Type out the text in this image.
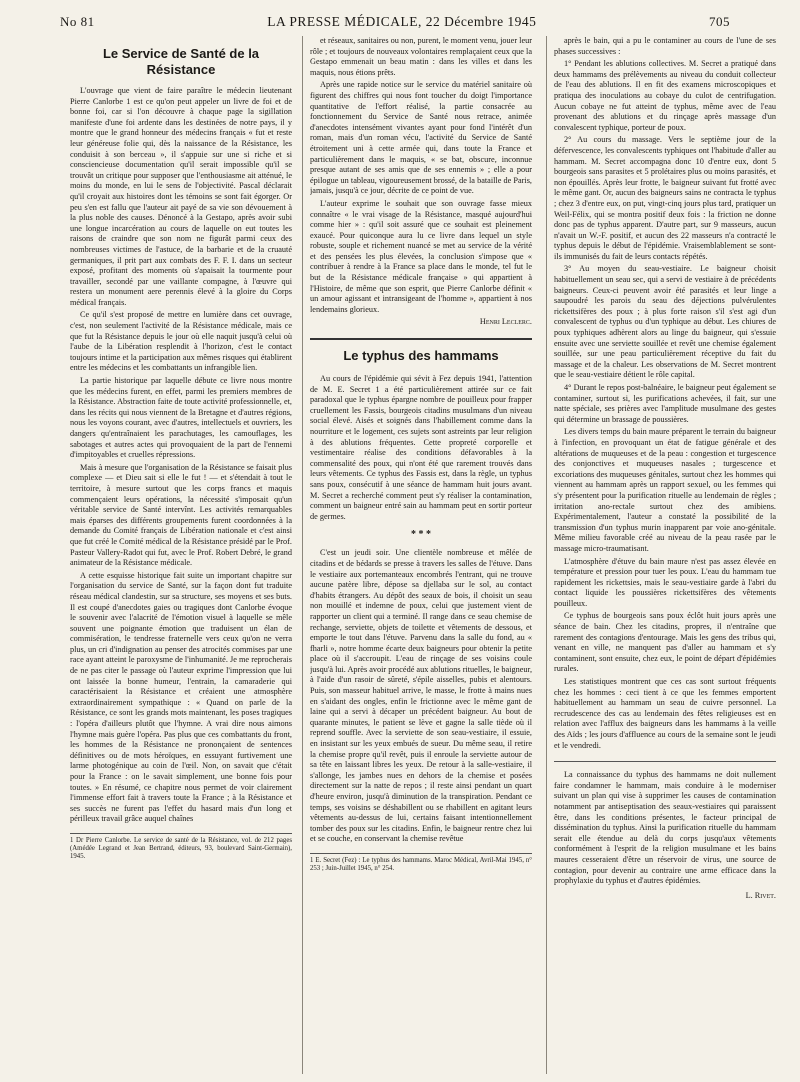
No 81	LA PRESSE MÉDICALE, 22 Décembre 1945	705
Le Service de Santé de la Résistance

L'ouvrage que vient de faire paraître le médecin lieutenant Pierre Canlorbe 1 est ce qu'on peut appeler un livre de foi et de bonne foi, car si l'on découvre à chaque page la sigillation manifeste d'une foi ardente dans les destinées de notre pays, il y montre que le grand honneur des médecins français « fut et reste leur généreuse folie qui, dès la naissance de la Résistance, les conduisit à son berceau », il s'appuie sur une si riche et si consciencieuse documentation qu'il serait impossible qu'il se trouvât un critique pour supposer que l'enthousiasme ait atténué, le moins du monde, en lui le sens de l'objectivité. Pascal déclarait qu'il croyait aux histoires dont les témoins se sont fait égorger. Or peu s'en est fallu que l'auteur ait payé de sa vie son dévouement à la plus noble des causes. Dénoncé à la Gestapo, après avoir subi une longue incarcération au cours de laquelle on eut toutes les raisons de craindre que son nom ne figurât parmi ceux des nombreuses victimes de l'astuce, de la barbarie et de la cruauté germaniques, il prit part aux combats des F. F. I. dans un secteur exposé, profitant des moments où s'apaisait la tourmente pour travailler, secondé par une vaillante compagne, à l'œuvre qui restera un monument aere perennis élevé à la gloire du Corps médical français.

Ce qu'il s'est proposé de mettre en lumière dans cet ouvrage, c'est, non seulement l'activité de la Résistance médicale, mais ce que fut la Résistance depuis le jour où elle naquit jusqu'à celui où l'aube de la Libération resplendit à l'horizon, c'est le contact toujours intime et la participation aux mêmes risques qui établirent entre les médecins et les combattants un infrangible lien.

La partie historique par laquelle débute ce livre nous montre que les médecins furent, en effet, parmi les premiers membres de la Résistance. Abstraction faite de toute activité professionnelle, et, dans les récits qui nous viennent de la Bretagne et d'autres régions, nous les voyons courant, avec d'autres, intellectuels et ouvriers, les dangers qu'entraînaient les parachutages, les camouflages, les sabotages et autres actes qui provoquaient de la part de l'ennemi d'impitoyables et cruelles répressions.

Mais à mesure que l'organisation de la Résistance se faisait plus complexe — et Dieu sait si elle le fut ! — et s'étendait à tout le territoire, à mesure surtout que les corps francs et maquis commençaient leurs opérations, la nécessité s'imposait qu'un véritable service de Santé intervînt. Les activités remarquables mais éparses des différents groupements furent coordonnées à la demande du Comité français de Libération nationale et c'est ainsi que fut créé le Comité médical de la Résistance présidé par le Prof. Pasteur Vallery-Radot qui fut, avec le Prof. Robert Debré, le grand animateur de la Résistance médicale.

A cette esquisse historique fait suite un important chapitre sur l'organisation du service de Santé, sur la façon dont fut traduite réseau médical clandestin, sur sa structure, ses moyens et ses buts. Il est coupé d'anecdotes gaies ou tragiques dont Canlorbe évoque le souvenir avec l'alacrité de l'émotion visuel à laquelle se mêle souvent une poignante émotion que traduisent un élan de commisération, le tendresse fraternelle vers ceux qu'on ne verra plus, un cri d'indignation au penser des atrocités commises par une race ayant atteint le paroxysme de l'inhumanité. Je me reprocherais de ne pas citer le passage où l'auteur exprime l'impression que lui ont laissée la bonne humeur, l'entrain, la camaraderie qui caractérisaient la Résistance et créaient une atmosphère extraordinairement sympathique : « Quand on parle de la Résistance, ce sont les grands mots maintenant, les poses tragiques : l'opéra d'ailleurs plutôt que l'hymne. A vrai dire nous aimons l'hymne mais guère l'opéra. Pas plus que ces combattants du front, les hommes de la Résistance ne prononçaient de sentences définitives ou de mots héroïques, en essuyant furtivement une larme photogénique au coin de l'œil. Non, on savait que c'était pour la France : on le savait simplement, une bonne fois pour toutes. » En résumé, ce chapitre nous permet de voir clairement l'immense effort fait à travers toute la France ; à la Résistance et ses succès ne furent pas l'effet du hasard mais d'un long et périlleux travail grâce auquel chaînes

1 Dr Pierre Canlorbe. Le service de santé de la Résistance, vol. de 212 pages (Amédée Legrand et Jean Bertrand, éditeurs, 93, boulevard Saint-Germain), 1945.

et réseaux, sanitaires ou non, purent, le moment venu, jouer leur rôle ; et toujours de nouveaux volontaires remplaçaient ceux que la Gestapo emmenait un beau matin : dans les villes et dans les maquis, nous étions prêts.

Après une rapide notice sur le service du matériel sanitaire où figurent des chiffres qui nous font toucher du doigt l'importance quantitative de l'effort réalisé, la partie consacrée au fonctionnement du Service de Santé nous retrace, animée d'anecdotes intensément vivantes ayant pour fond l'intérêt d'un roman, mais d'un roman vécu, l'activité du Service de Santé étroitement uni à cette armée qui, dans toute la France et particulièrement dans le maquis, « se bat, obscure, inconnue presque autant de ses amis que de ses ennemis » ; elle a pour épilogue un tableau, vigoureusement brossé, de la bataille de Paris, jamais, jusqu'à ce jour, décrite de ce point de vue.

L'auteur exprime le souhait que son ouvrage fasse mieux connaître « le vrai visage de la Résistance, masqué aujourd'hui comme hier » : qu'il soit assuré que ce souhait est pleinement exaucé. Pour quiconque aura lu ce livre dans lequel un style robuste, souple et richement nuancé se met au service de la vérité et des pensées les plus élevées, la conclusion s'impose que « contribuer à rendre à la France sa place dans le monde, tel fut le but de la Résistance médicale française » qui appartient à l'Histoire, de même que son esprit, que Pierre Canlorbe définit « un amour agissant et intransigeant de l'homme », appartient à nos lendemains glorieux.

Henri Leclerc.
Le typhus des hammams

Au cours de l'épidémie qui sévit à Fez depuis 1941, l'attention de M. E. Secret 1 a été particulièrement attirée sur ce fait paradoxal que le typhus épargne nombre de pouilleux pour frapper cruellement les Fassis, bourgeois citadins musulmans d'un niveau social élevé. Aisés et soignés dans l'habillement comme dans la nourriture et le logement, ces sujets sont astreints par leur religion à des ablutions fréquentes. Cette propreté corporelle et vestimentaire réalise des conditions défavorables à la commensalité des poux, qui n'ont été que rarement trouvés dans leurs vêtements. Ce typhus des Fassis est, dans la règle, un typhus sans poux, consécutif à une séance de hammam huit jours avant. M. Secret a recherché comment peut s'y réaliser la contamination, comment un baigneur entré sain au hammam peut en sortir porteur de germes.

* * *

C'est un jeudi soir. Une clientèle nombreuse et mêlée de citadins et de bédards se presse à travers les salles de l'étuve. Dans le vestiaire aux portemanteaux encombrés l'entrant, qui ne trouve aucune patère libre, dépose sa djellaba sur le sol, au contact d'habits étrangers. Au dépôt des seaux de bois, il choisit un seau non mouillé et indemne de poux, celui que justement vient de rapporter un client qui a terminé. Il range dans ce seau chemise de rechange, serviette, objets de toilette et vêtements de dessous, et emporte le tout dans l'étuve. Parvenu dans la salle du fond, au « fharli », notre homme écarte deux baigneurs pour obtenir la petite place où il s'accroupit. L'eau de rinçage de ses voisins coule jusqu'à lui. Après avoir procédé aux ablutions rituelles, le baigneur, à l'aide d'un rasoir de sûreté, s'épile aisselles, pubis et alentours. Puis, son masseur habituel arrive, le masse, le frotte à mains nues en s'aidant des ongles, enfin le frictionne avec le même gant de laine qui a servi à décaper un précédent baigneur. Au bout de quarante minutes, le patient se lève et gagne la salle tiède où il reprend souffle. Avec la serviette de son seau-vestiaire, il essuie, en insistant sur les yeux embués de sueur. Du même seau, il retire la chemise propre qu'il revêt, puis il enroule la serviette autour de sa tête en laissant libres les yeux. De retour à la salle-vestiaire, il s'allonge, les jambes nues en dehors de la chemise et posées directement sur la natte de repos ; il reste ainsi pendant un quart d'heure environ, jusqu'à diminution de la transpiration. Pendant ce temps, ses voisins se déshabillent ou se rhabillent en agitant leurs vêtements au-dessus de lui, certains faisant intentionnellement tomber des poux sur les citadins. Enfin, le baigneur rentre chez lui et se couche, en conservant la chemise revêtue

1 E. Secret (Fez) : Le typhus des hammams. Maroc Médical, Avril-Mai 1945, n° 253 ; Juin-Juillet 1945, n° 254.

après le bain, qui a pu le contaminer au cours de l'une de ses phases successives :

1° Pendant les ablutions collectives. M. Secret a pratiqué dans deux hammams des prélèvements au niveau du conduit collecteur de l'eau des ablutions. Il en fit des examens microscopiques et pratiqua des inoculations au cobaye du culot de centrifugation. Aucun cobaye ne fut atteint de typhus, même avec de l'eau provenant des ablutions et du rinçage après massage d'un convalescent typhique, porteur de poux.

2° Au cours du massage. Vers le septième jour de la défervescence, les convalescents typhiques ont l'habitude d'aller au hammam. M. Secret accompagna donc 10 d'entre eux, dont 5 bourgeois sans parasites et 5 prolétaires plus ou moins parasités, et non épouillés. Après leur frotte, le baigneur suivant fut frotté avec le même gant. Or, aucun des baigneurs sains ne contracta le typhus ; chez 3 d'entre eux, on put, vingt-cinq jours plus tard, pratiquer un Weil-Félix, qui se montra positif deux fois : la friction ne donne donc pas de typhus apparent. D'autre part, sur 9 masseurs, aucun n'avait un W.-F. positif, et aucun des 22 masseurs n'a contracté le typhus depuis le début de l'épidémie. Vraisemblablement se sont-ils immunisés du fait de leurs contacts répétés.

3° Au moyen du seau-vestiaire. Le baigneur choisit habituellement un seau sec, qui a servi de vestiaire à de précédents baigneurs. Ceux-ci peuvent avoir été parasités et leur linge a saupoudré les parois du seau des déjections pulvérulentes rickettsifères des poux ; à plus forte raison s'il s'est agi d'un convalescent de typhus ou d'un typhique au début. Les chiures de poux typhiques adhèrent alors au linge du baigneur, qui s'essuie ensuite avec une serviette souillée et revêt une chemise également souillée, sur une peau particulièrement réceptive du fait du massage et de la chaleur. Les observations de M. Secret montrent que le seau-vestiaire détient le rôle capital.

4° Durant le repos post-balnéaire, le baigneur peut également se contaminer, surtout si, les purifications achevées, il fait, sur une natte spéciale, ses prières avec l'amplitude musulmane des gestes qui détermine un brassage de poussières.

Les divers temps du bain maure préparent le terrain du baigneur à l'infection, en provoquant un état de fatigue générale et des altérations de muqueuses et de la peau : congestion et turgescence des conjonctives et muqueuses nasales ; turgescence et excoriations des muqueuses génitales, surtout chez les hommes qui viennent au hammam après un rapport sexuel, ou les femmes qui s'y présentent pour la purification rituelle au lendemain de règles ; irritation ano-rectale surtout chez des amibiens. Expérimentalement, l'auteur a constaté la possibilité de la transmission d'un typhus murin inapparent par voie ano-génitale. Même milieu favorable créé au niveau de la peau rasée par le massage micro-traumatisant.

L'atmosphère d'étuve du bain maure n'est pas assez élevée en température et pression pour tuer les poux. L'eau du hammam tue rapidement les rickettsies, mais le seau-vestiaire garde à l'abri du contact liquide les poussières rickettsifères des vêtements pouilleux.

Ce typhus de bourgeois sans poux éclôt huit jours après une séance de bain. Chez les citadins, propres, il n'entraîne que rarement des contagions d'entourage. Mais les gens des tribus qui, venant en ville, ne manquent pas d'aller au hammam et s'y contaminent, sont ensuite, chez eux, le point de départ d'épidémies rurales.

Les statistiques montrent que ces cas sont surtout fréquents chez les hommes : ceci tient à ce que les femmes emportent habituellement au hammam un seau de cuivre personnel. La recrudescence des cas au lendemain des fêtes religieuses est en relation avec l'afflux des baigneurs dans les hammams à la veille des Aïds ; les jours d'affluence au cours de la semaine sont le jeudi et le vendredi.

La connaissance du typhus des hammams ne doit nullement faire condamner le hammam, mais conduire à le moderniser suivant un plan qui vise à supprimer les causes de contamination notamment par antiseptisation des seaux-vestiaires qui paraissent être, dans les conditions présentes, le facteur principal de dissémination du typhus. Ainsi la purification rituelle du hammam serait elle étendue au delà du corps jusqu'aux vêtements conformément à l'esprit de la religion musulmane et les bains maures cesseraient d'être un réservoir de virus, une source de contagion, pour devenir au contraire une arme efficace dans la prophylaxie du typhus et d'autres épidémies.

L. Rivet.
